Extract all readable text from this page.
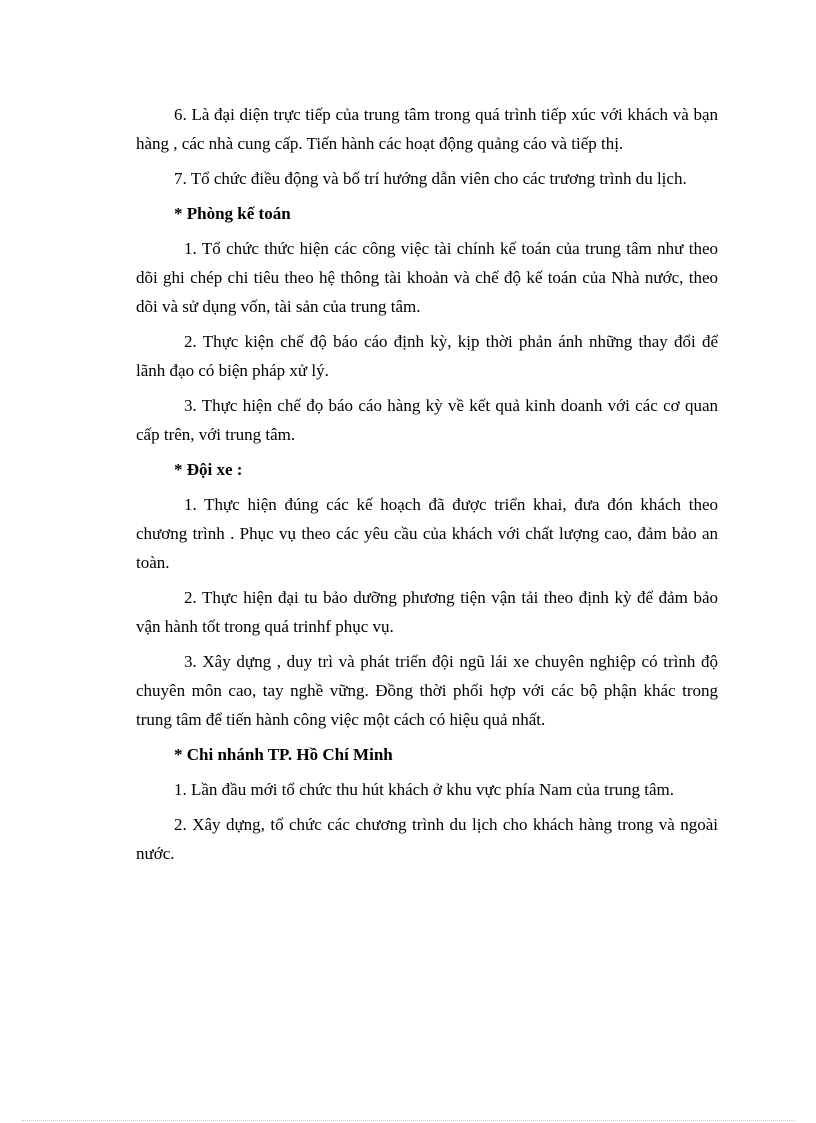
6. Là đại diện trực tiếp của trung tâm trong quá trình tiếp xúc với khách và bạn hàng , các nhà cung cấp. Tiến hành các hoạt động quảng cáo và tiếp thị.

7. Tổ chức điều động và bố trí hướng dẫn viên cho các trương trình du lịch.

* Phòng kế toán

1. Tổ chức thức hiện các công việc tài chính kế toán của trung tâm như theo dõi ghi chép chi tiêu theo hệ thông tài khoản và chế độ kế toán của Nhà nước, theo dõi và sử dụng vốn, tài sản của trung tâm.

2. Thực kiện chế độ báo cáo định kỳ, kịp thời phản ánh những thay đổi để lãnh đạo có biện pháp xử lý.

3. Thực hiện chế đọ báo cáo hàng kỳ về kết quả kinh doanh với các cơ quan cấp trên, với trung tâm.

* Đội xe :

1. Thực hiện đúng các kế hoạch đã được triển khai, đưa đón khách theo chương trình . Phục vụ theo các yêu cầu của khách với chất lượng cao, đảm bảo an toàn.

2. Thực hiện đại tu bảo dưỡng phương tiện vận tải theo định kỳ để đảm bảo vận hành tốt trong quá trinhf phục vụ.

3. Xây dựng , duy trì và phát triển đội ngũ lái xe chuyên nghiệp có trình độ chuyên môn cao, tay nghề vững. Đồng thời phối hợp với các bộ phận khác trong trung tâm để tiến hành công việc một cách có hiệu quả nhất.

* Chi nhánh TP. Hồ Chí Minh

1. Lần đầu mới tổ chức thu hút khách ở khu vực phía Nam của trung tâm.

2. Xây dựng, tổ chức các chương trình du lịch cho khách hàng trong và ngoài nước.
